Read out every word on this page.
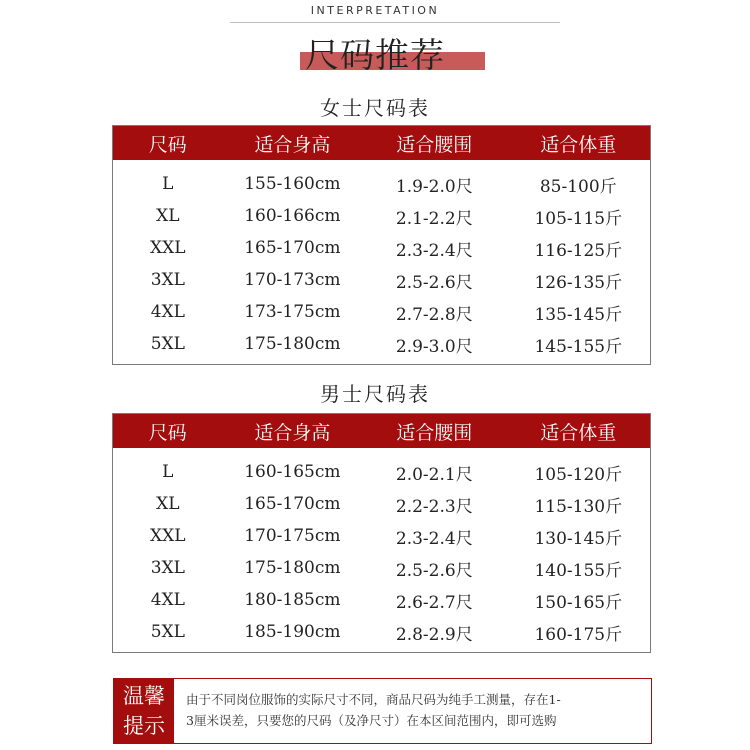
INTERPRETATION
尺码推荐
女士尺码表
尺码	适合身高	适合腰围	适合体重
L	155-160cm	1.9-2.0尺	85-100斤
XL	160-166cm	2.1-2.2尺	105-115斤
XXL	165-170cm	2.3-2.4尺	116-125斤
3XL	170-173cm	2.5-2.6尺	126-135斤
4XL	173-175cm	2.7-2.8尺	135-145斤
5XL	175-180cm	2.9-3.0尺	145-155斤
男士尺码表
尺码	适合身高	适合腰围	适合体重
L	160-165cm	2.0-2.1尺	105-120斤
XL	165-170cm	2.2-2.3尺	115-130斤
XXL	170-175cm	2.3-2.4尺	130-145斤
3XL	175-180cm	2.5-2.6尺	140-155斤
4XL	180-185cm	2.6-2.7尺	150-165斤
5XL	185-190cm	2.8-2.9尺	160-175斤
温馨
提示
由于不同岗位服饰的实际尺寸不同，商品尺码为纯手工测量，存在1-
3厘米误差，只要您的尺码（及净尺寸）在本区间范围内，即可选购
